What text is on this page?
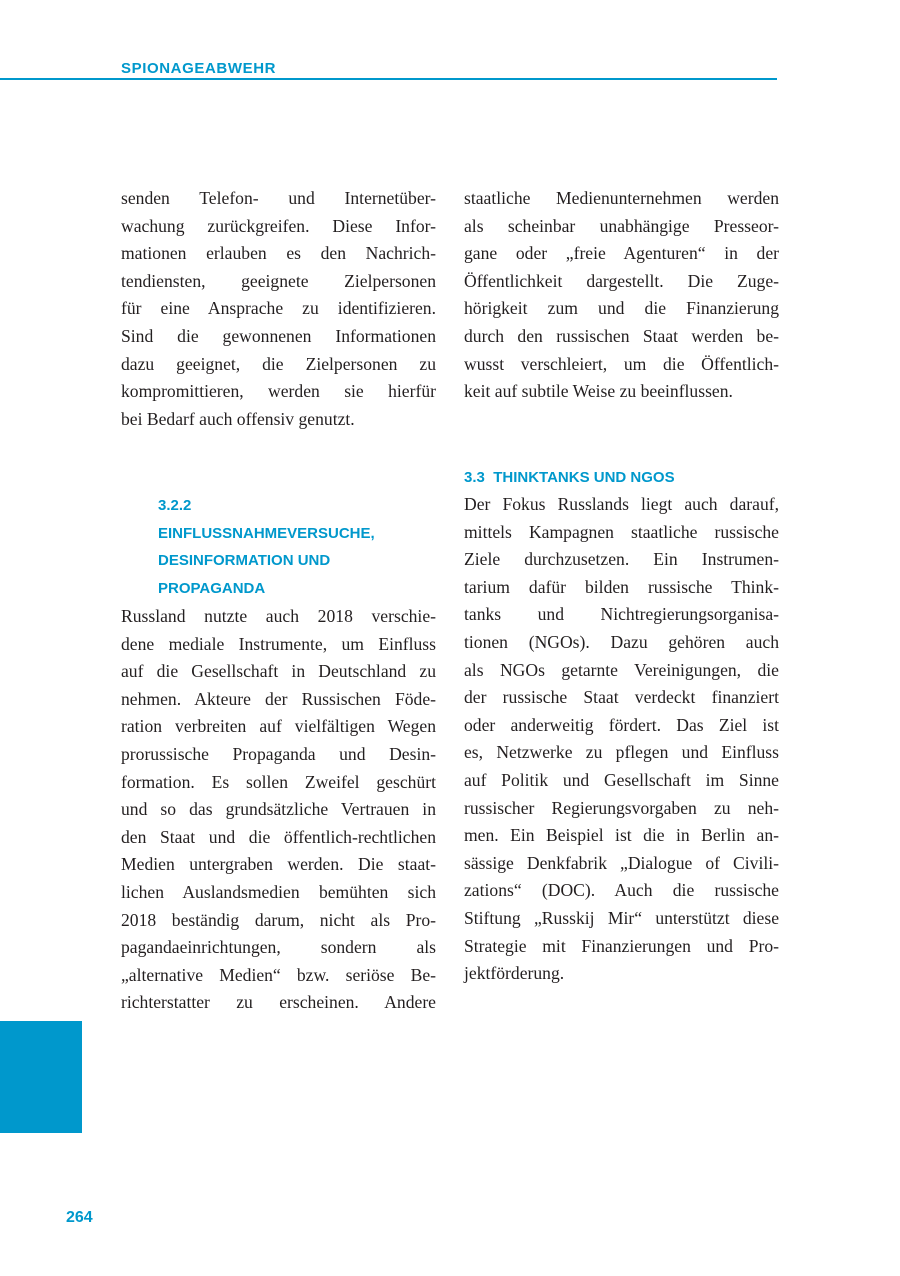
SPIONAGEABWEHR
senden Telefon- und Internetüber-
wachung zurückgreifen. Diese Infor-
mationen erlauben es den Nachrich-
tendiensten, geeignete Zielpersonen
für eine Ansprache zu identifizieren.
Sind die gewonnenen Informationen
dazu geeignet, die Zielpersonen zu
kompromittieren, werden sie hierfür
bei Bedarf auch offensiv genutzt.
3.2.2
EINFLUSSNAHMEVERSUCHE,
DESINFORMATION UND
PROPAGANDA
Russland nutzte auch 2018 verschie-
dene mediale Instrumente, um Einfluss
auf die Gesellschaft in Deutschland zu
nehmen. Akteure der Russischen Föde-
ration verbreiten auf vielfältigen Wegen
prorussische Propaganda und Desin-
formation. Es sollen Zweifel geschürt
und so das grundsätzliche Vertrauen in
den Staat und die öffentlich-rechtlichen
Medien untergraben werden. Die staat-
lichen Auslandsmedien bemühten sich
2018 beständig darum, nicht als Pro-
pagandaeinrichtungen, sondern als
„alternative Medien“ bzw. seriöse Be-
richterstatter zu erscheinen. Andere
staatliche Medienunternehmen werden
als scheinbar unabhängige Presseor-
gane oder „freie Agenturen“ in der
Öffentlichkeit dargestellt. Die Zuge-
hörigkeit zum und die Finanzierung
durch den russischen Staat werden be-
wusst verschleiert, um die Öffentlich-
keit auf subtile Weise zu beeinflussen.
3.3 THINKTANKS UND NGOS
Der Fokus Russlands liegt auch darauf,
mittels Kampagnen staatliche russische
Ziele durchzusetzen. Ein Instrumen-
tarium dafür bilden russische Think-
tanks und Nichtregierungsorganisa-
tionen (NGOs). Dazu gehören auch
als NGOs getarnte Vereinigungen, die
der russische Staat verdeckt finanziert
oder anderweitig fördert. Das Ziel ist
es, Netzwerke zu pflegen und Einfluss
auf Politik und Gesellschaft im Sinne
russischer Regierungsvorgaben zu neh-
men. Ein Beispiel ist die in Berlin an-
sässige Denkfabrik „Dialogue of Civili-
zations“ (DOC). Auch die russische
Stiftung „Russkij Mir“ unterstützt diese
Strategie mit Finanzierungen und Pro-
jektförderung.
264
